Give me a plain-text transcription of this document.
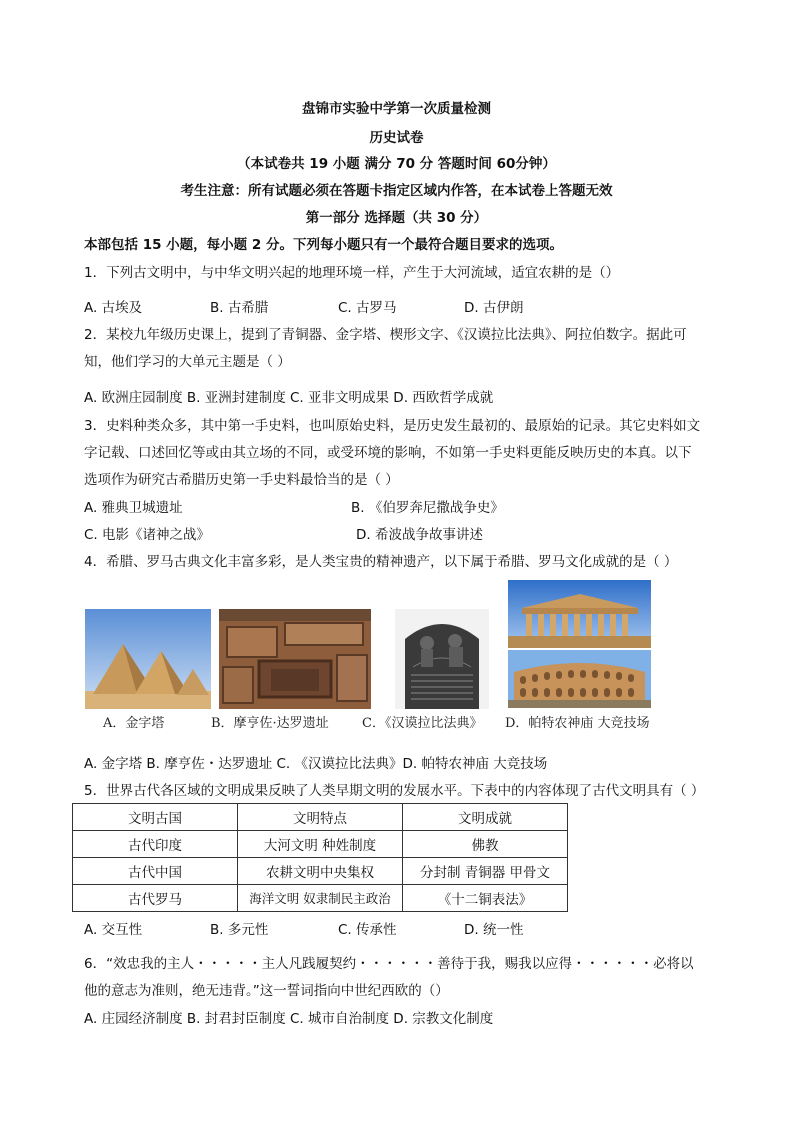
盘锦市实验中学第一次质量检测
历史试卷
（本试卷共 19 小题 满分 70 分 答题时间 60分钟）
考生注意：所有试题必须在答题卡指定区域内作答，在本试卷上答题无效
第一部分 选择题（共 30 分）
本部包括 15 小题，每小题 2 分。下列每小题只有一个最符合题目要求的选项。
1．下列古文明中，与中华文明兴起的地理环境一样，产生于大河流域，适宜农耕的是（）
A. 古埃及	B. 古希腊	C. 古罗马	D. 古伊朗
2．某校九年级历史课上，提到了青铜器、金字塔、楔形文字、《汉谟拉比法典》、阿拉伯数字。据此可
知，他们学习的大单元主题是（ ）
A. 欧洲庄园制度 B. 亚洲封建制度 C. 亚非文明成果 D. 西欧哲学成就
3．史料种类众多，其中第一手史料，也叫原始史料，是历史发生最初的、最原始的记录。其它史料如文
字记载、口述回忆等或由其立场的不同，或受环境的影响，不如第一手史料更能反映历史的本真。以下
选项作为研究古希腊历史第一手史料最恰当的是（ ）
A. 雅典卫城遗址	B. 《伯罗奔尼撒战争史》
C. 电影《诸神之战》	D. 希波战争故事讲述
4．希腊、罗马古典文化丰富多彩，是人类宝贵的精神遗产，以下属于希腊、罗马文化成就的是（ ）
A．金字塔	B．摩亨佐·达罗遗址	C．《汉谟拉比法典》 D．帕特农神庙 大竞技场
A. 金字塔 B. 摩亨佐・达罗遗址 C. 《汉谟拉比法典》D. 帕特农神庙 大竞技场
5．世界古代各区域的文明成果反映了人类早期文明的发展水平。下表中的内容体现了古代文明具有（ ）
文明古国	文明特点	文明成就
古代印度	大河文明 种姓制度	佛教
古代中国	农耕文明中央集权	分封制 青铜器 甲骨文
古代罗马	海洋文明 奴隶制民主政治	《十二铜表法》
A. 交互性	B. 多元性	C. 传承性	D. 统一性
6．“效忠我的主人・・・・・主人凡践履契约・・・・・・善待于我，赐我以应得・・・・・・必将以
他的意志为准则，绝无违背。”这一誓词指向中世纪西欧的（）
A. 庄园经济制度 B. 封君封臣制度 C. 城市自治制度 D. 宗教文化制度
